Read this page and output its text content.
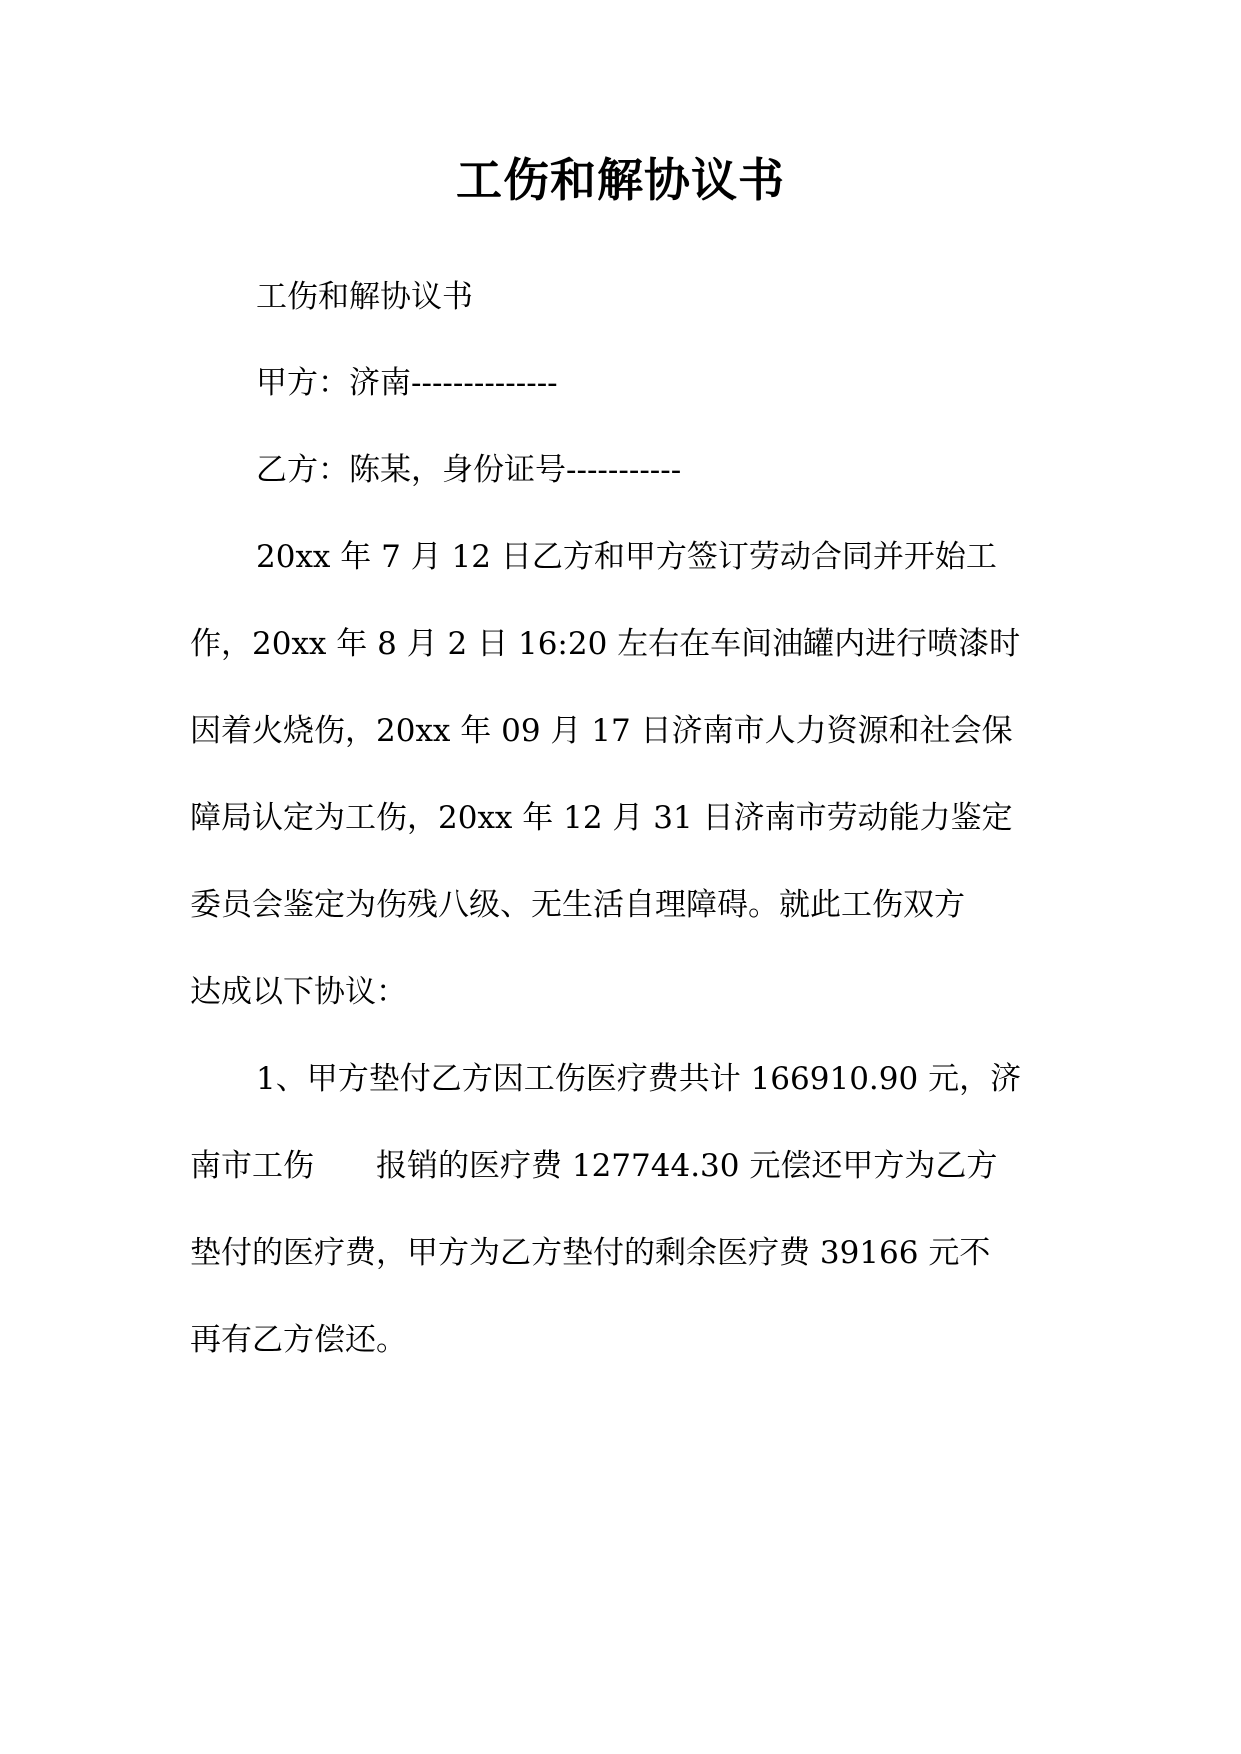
工伤和解协议书
工伤和解协议书
甲方：济南--------------
乙方：陈某，身份证号-----------
20xx 年 7 月 12 日乙方和甲方签订劳动合同并开始工
作，20xx 年 8 月 2 日 16:20 左右在车间油罐内进行喷漆时
因着火烧伤，20xx 年 09 月 17 日济南市人力资源和社会保
障局认定为工伤，20xx 年 12 月 31 日济南市劳动能力鉴定
委员会鉴定为伤残八级、无生活自理障碍。就此工伤双方
达成以下协议：
1、甲方垫付乙方因工伤医疗费共计 166910.90 元，济
南市工伤 报销的医疗费 127744.30 元偿还甲方为乙方
垫付的医疗费，甲方为乙方垫付的剩余医疗费 39166 元不
再有乙方偿还。
